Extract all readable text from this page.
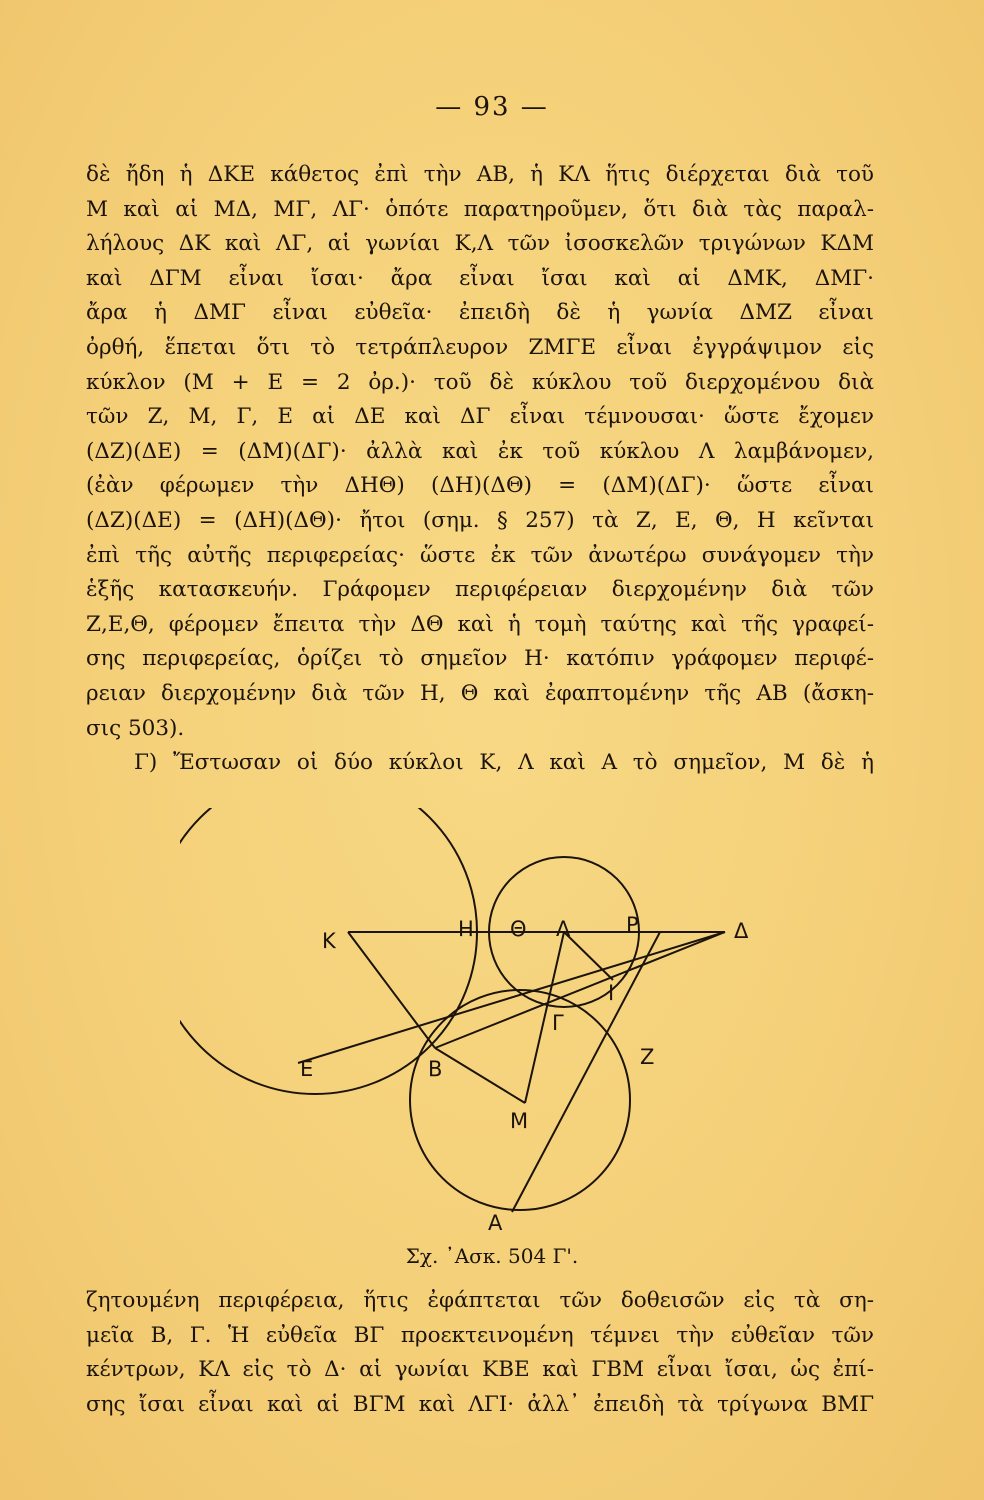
— 93 —
δὲ ἤδη ἡ ΔΚΕ κάθετος ἐπὶ τὴν ΑΒ, ἡ ΚΛ ἥτις διέρχεται διὰ τοῦ
Μ καὶ αἱ ΜΔ, ΜΓ, ΛΓ· ὁπότε παρατηροῦμεν, ὅτι διὰ τὰς παραλ-
λήλους ΔΚ καὶ ΛΓ, αἱ γωνίαι Κ,Λ τῶν ἰσοσκελῶν τριγώνων ΚΔΜ
καὶ ΔΓΜ εἶναι ἴσαι· ἄρα εἶναι ἴσαι καὶ αἱ ΔΜΚ, ΔΜΓ·
ἄρα ἡ ΔΜΓ εἶναι εὐθεῖα· ἐπειδὴ δὲ ἡ γωνία ΔΜΖ εἶναι
ὀρθή, ἕπεται ὅτι τὸ τετράπλευρον ΖΜΓΕ εἶναι ἐγγράψιμον εἰς
κύκλον (Μ + Ε = 2 ὀρ.)· τοῦ δὲ κύκλου τοῦ διερχομένου διὰ
τῶν Ζ, Μ, Γ, Ε αἱ ΔΕ καὶ ΔΓ εἶναι τέμνουσαι· ὥστε ἔχομεν
(ΔΖ)(ΔΕ) = (ΔΜ)(ΔΓ)· ἀλλὰ καὶ ἐκ τοῦ κύκλου Λ λαμβάνομεν,
(ἐὰν φέρωμεν τὴν ΔΗΘ) (ΔΗ)(ΔΘ) = (ΔΜ)(ΔΓ)· ὥστε εἶναι
(ΔΖ)(ΔΕ) = (ΔΗ)(ΔΘ)· ἤτοι (σημ. § 257) τὰ Ζ, Ε, Θ, Η κεῖνται
ἐπὶ τῆς αὐτῆς περιφερείας· ὥστε ἐκ τῶν ἀνωτέρω συνάγομεν τὴν
ἑξῆς κατασκευήν. Γράφομεν περιφέρειαν διερχομένην διὰ τῶν
Ζ,Ε,Θ, φέρομεν ἔπειτα τὴν ΔΘ καὶ ἡ τομὴ ταύτης καὶ τῆς γραφεί-
σης περιφερείας, ὁρίζει τὸ σημεῖον Η· κατόπιν γράφομεν περιφέ-
ρειαν διερχομένην διὰ τῶν Η, Θ καὶ ἐφαπτομένην τῆς ΑΒ (ἄσκη-
σις 503).
Γ) Ἔστωσαν οἱ δύο κύκλοι Κ, Λ καὶ Α τὸ σημεῖον, Μ δὲ ἡ
Κ	Η Θ Λ	Ρ	Δ
Ι
Γ
Ε	Β	Ζ
Μ
Α
Σχ. ᾿Ασκ. 504 Γ'.
ζητουμένη περιφέρεια, ἥτις ἐφάπτεται τῶν δοθεισῶν εἰς τὰ ση-
μεῖα Β, Γ. Ἡ εὐθεῖα ΒΓ προεκτεινομένη τέμνει τὴν εὐθεῖαν τῶν
κέντρων, ΚΛ εἰς τὸ Δ· αἱ γωνίαι ΚΒΕ καὶ ΓΒΜ εἶναι ἴσαι, ὡς ἐπί-
σης ἴσαι εἶναι καὶ αἱ ΒΓΜ καὶ ΛΓΙ· ἀλλ᾿ ἐπειδὴ τὰ τρίγωνα ΒΜΓ
